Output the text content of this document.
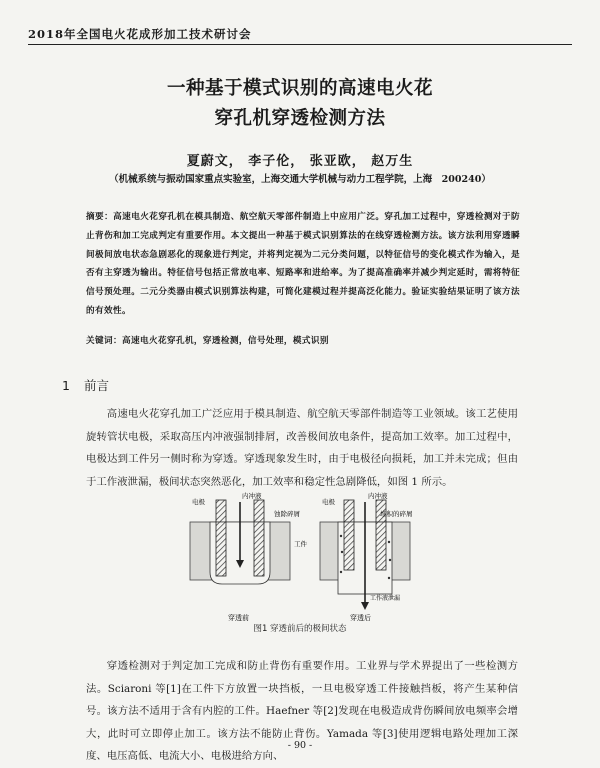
2018年全国电火花成形加工技术研讨会
一种基于模式识别的高速电火花
穿孔机穿透检测方法
夏蔚文， 李子伦， 张亚欧， 赵万生
（机械系统与振动国家重点实验室，上海交通大学机械与动力工程学院，上海　200240）
摘要：高速电火花穿孔机在模具制造、航空航天零部件制造上中应用广泛。穿孔加工过程中，穿透检测对于防止背伤和加工完成判定有重要作用。本文提出一种基于模式识别算法的在线穿透检测方法。该方法利用穿透瞬间极间放电状态急剧恶化的现象进行判定，并将判定视为二元分类问题，以特征信号的变化模式作为输入，是否有主穿透为输出。特征信号包括正常放电率、短路率和进给率。为了提高准确率并减少判定延时，需将特征信号预处理。二元分类器由模式识别算法构建，可简化建模过程并提高泛化能力。验证实验结果证明了该方法的有效性。
关键词：高速电火花穿孔机，穿透检测，信号处理，模式识别
1 前言
高速电火花穿孔加工广泛应用于模具制造、航空航天零部件制造等工业领域。该工艺使用旋转管状电极，采取高压内冲液强制排屑，改善极间放电条件，提高加工效率。加工过程中，电极达到工件另一侧时称为穿透。穿透现象发生时，由于电极径向损耗，加工并未完成；但由于工作液泄漏，极间状态突然恶化，加工效率和稳定性急剧降低，如图 1 所示。
电极
内冲液
蚀除碎屑
工件
穿透前
电极
内冲液
堆积的碎屑
工作液泄漏
穿透后
图1 穿透前后的极间状态
穿透检测对于判定加工完成和防止背伤有重要作用。工业界与学术界提出了一些检测方法。Sciaroni 等[1]在工件下方放置一块挡板，一旦电极穿透工件接触挡板，将产生某种信号。该方法不适用于含有内腔的工件。Haefner 等[2]发现在电极造成背伤瞬间放电频率会增大，此时可立即停止加工。该方法不能防止背伤。Yamada 等[3]使用逻辑电路处理加工深度、电压高低、电流大小、电极进给方向、
- 90 -
